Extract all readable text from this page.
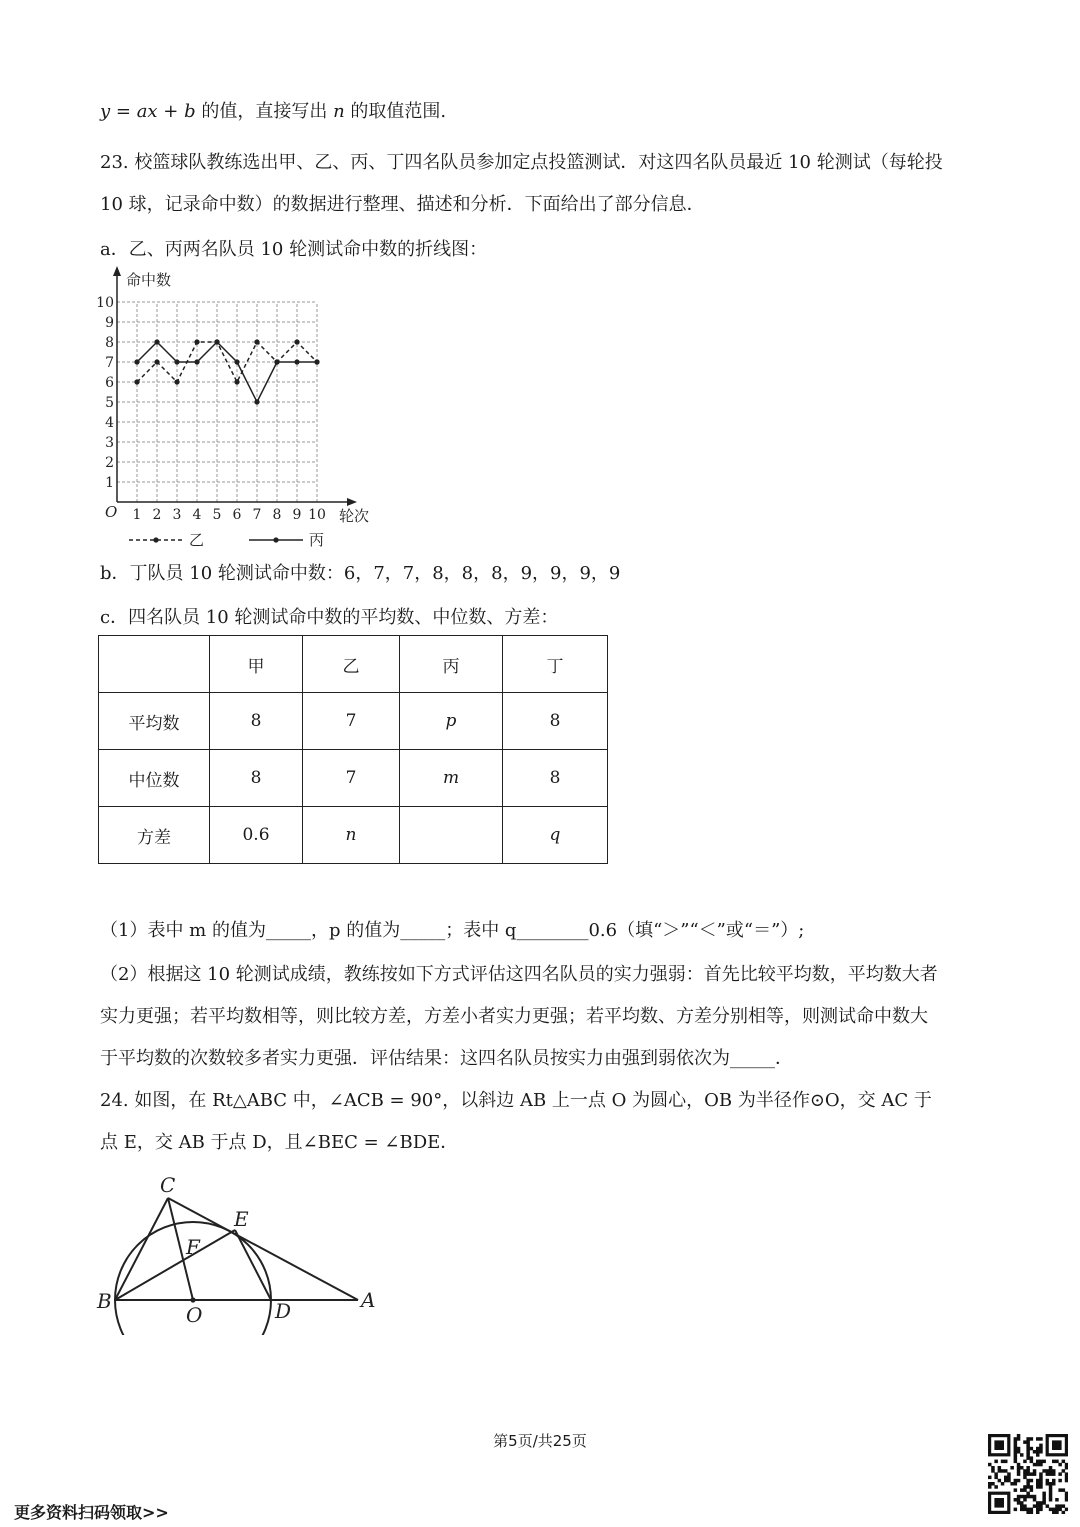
y = ax + b 的值，直接写出 n 的取值范围.
23. 校篮球队教练选出甲、乙、丙、丁四名队员参加定点投篮测试．对这四名队员最近 10 轮测试（每轮投
10 球，记录命中数）的数据进行整理、描述和分析．下面给出了部分信息．
a．乙、丙两名队员 10 轮测试命中数的折线图：
1
2
3
4
5
6
7
8
9
10
1 2 3 4 5 6 7 8 9 10
O
命中数
轮次
乙	丙
b．丁队员 10 轮测试命中数：6，7，7，8，8，8，9，9，9，9
c．四名队员 10 轮测试命中数的平均数、中位数、方差：
	甲	乙	丙	丁
平均数	8	7	p	8
中位数	8	7	m	8
方差	0.6	n		q
（1）表中 m 的值为_____，p 的值为_____；表中 q________0.6（填“＞”“＜”或“＝”）;
（2）根据这 10 轮测试成绩，教练按如下方式评估这四名队员的实力强弱：首先比较平均数，平均数大者
实力更强；若平均数相等，则比较方差，方差小者实力更强；若平均数、方差分别相等，则测试命中数大
于平均数的次数较多者实力更强．评估结果：这四名队员按实力由强到弱依次为_____．
24. 如图，在 Rt△ABC 中，∠ACB = 90°，以斜边 AB 上一点 O 为圆心，OB 为半径作⊙O，交 AC 于
点 E，交 AB 于点 D，且∠BEC = ∠BDE．
C
E
F
B
O	D	A
第5页/共25页
更多资料扫码领取>>
